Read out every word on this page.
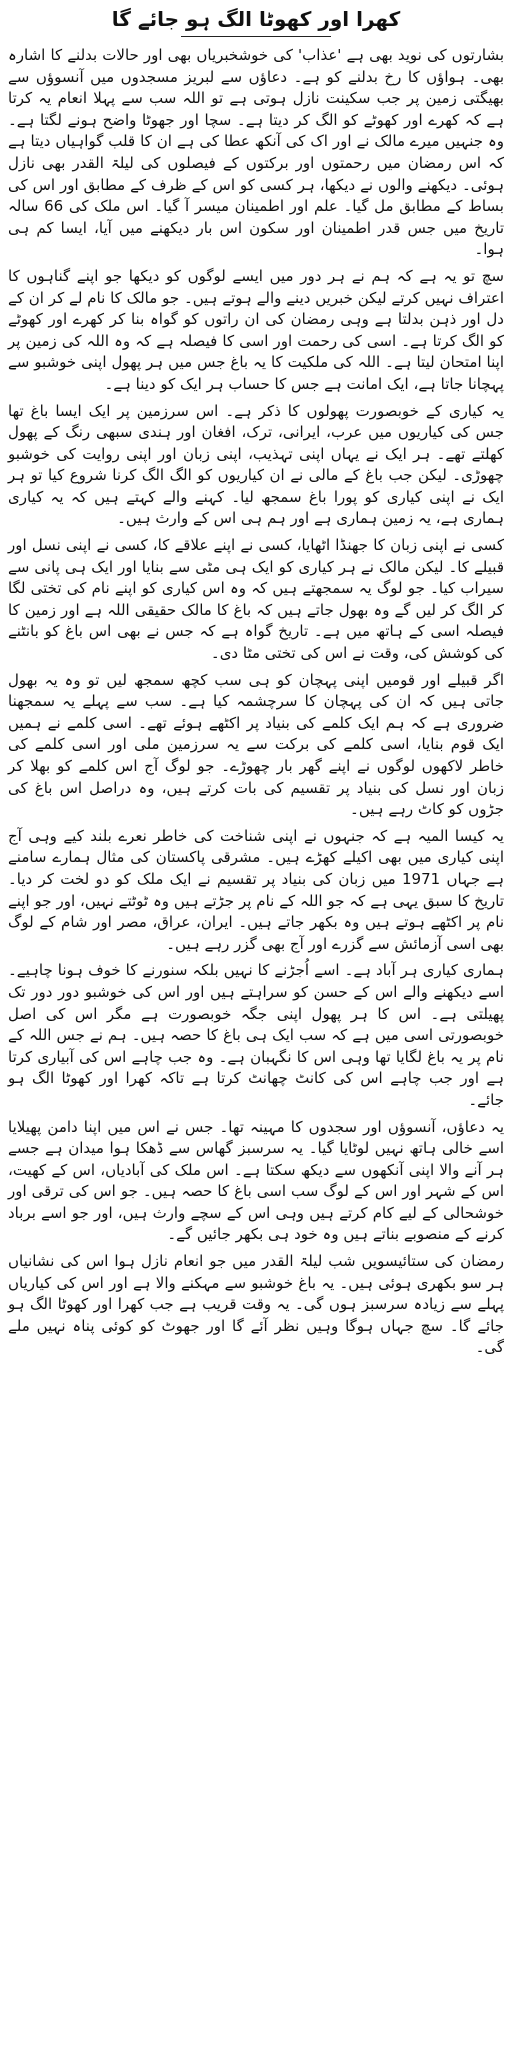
کھرا اور کھوٹا الگ ہو جائے گا

بشارتوں کی نوید بھی ہے 'عذاب' کی خوشخبریاں بھی اور حالات بدلنے کا اشارہ بھی۔ ہواؤں کا رخ بدلنے کو ہے۔ دعاؤں سے لبریز مسجدوں میں آنسوؤں سے بھیگتی زمین پر جب سکینت نازل ہوتی ہے تو اللہ سب سے پہلا انعام یہ کرتا ہے کہ کھرے اور کھوٹے کو الگ کر دیتا ہے۔ سچا اور جھوٹا واضح ہونے لگتا ہے۔ وہ جنہیں میرے مالک نے اور اک کی آنکھ عطا کی ہے ان کا قلب گواہیاں دیتا ہے کہ اس رمضان میں رحمتوں اور برکتوں کے فیصلوں کی لیلۃ القدر بھی نازل ہوئی۔ دیکھنے والوں نے دیکھا، ہر کسی کو اس کے ظرف کے مطابق اور اس کی بساط کے مطابق مل گیا۔ علم اور اطمینان میسر آ گیا۔ اس ملک کی 66 سالہ تاریخ میں جس قدر اطمینان اور سکون اس بار دیکھنے میں آیا، ایسا کم ہی ہوا۔

سچ تو یہ ہے کہ ہم نے ہر دور میں ایسے لوگوں کو دیکھا جو اپنے گناہوں کا اعتراف نہیں کرتے لیکن خبریں دینے والے ہوتے ہیں۔ جو مالک کا نام لے کر ان کے دل اور ذہن بدلتا ہے وہی رمضان کی ان راتوں کو گواہ بنا کر کھرے اور کھوٹے کو الگ کرتا ہے۔ اسی کی رحمت اور اسی کا فیصلہ ہے کہ وہ اللہ کی زمین پر اپنا امتحان لیتا ہے۔ اللہ کی ملکیت کا یہ باغ جس میں ہر پھول اپنی خوشبو سے پہچانا جاتا ہے، ایک امانت ہے جس کا حساب ہر ایک کو دینا ہے۔

یہ کیاری کے خوبصورت پھولوں کا ذکر ہے۔ اس سرزمین پر ایک ایسا باغ تھا جس کی کیاریوں میں عرب، ایرانی، ترک، افغان اور ہندی سبھی رنگ کے پھول کھلتے تھے۔ ہر ایک نے یہاں اپنی تہذیب، اپنی زبان اور اپنی روایت کی خوشبو چھوڑی۔ لیکن جب باغ کے مالی نے ان کیاریوں کو الگ الگ کرنا شروع کیا تو ہر ایک نے اپنی کیاری کو پورا باغ سمجھ لیا۔ کہنے والے کہتے ہیں کہ یہ کیاری ہماری ہے، یہ زمین ہماری ہے اور ہم ہی اس کے وارث ہیں۔

کسی نے اپنی زبان کا جھنڈا اٹھایا، کسی نے اپنے علاقے کا، کسی نے اپنی نسل اور قبیلے کا۔ لیکن مالک نے ہر کیاری کو ایک ہی مٹی سے بنایا اور ایک ہی پانی سے سیراب کیا۔ جو لوگ یہ سمجھتے ہیں کہ وہ اس کیاری کو اپنے نام کی تختی لگا کر الگ کر لیں گے وہ بھول جاتے ہیں کہ باغ کا مالک حقیقی اللہ ہے اور زمین کا فیصلہ اسی کے ہاتھ میں ہے۔ تاریخ گواہ ہے کہ جس نے بھی اس باغ کو بانٹنے کی کوشش کی، وقت نے اس کی تختی مٹا دی۔

اگر قبیلے اور قومیں اپنی پہچان کو ہی سب کچھ سمجھ لیں تو وہ یہ بھول جاتی ہیں کہ ان کی پہچان کا سرچشمہ کیا ہے۔ سب سے پہلے یہ سمجھنا ضروری ہے کہ ہم ایک کلمے کی بنیاد پر اکٹھے ہوئے تھے۔ اسی کلمے نے ہمیں ایک قوم بنایا، اسی کلمے کی برکت سے یہ سرزمین ملی اور اسی کلمے کی خاطر لاکھوں لوگوں نے اپنے گھر بار چھوڑے۔ جو لوگ آج اس کلمے کو بھلا کر زبان اور نسل کی بنیاد پر تقسیم کی بات کرتے ہیں، وہ دراصل اس باغ کی جڑوں کو کاٹ رہے ہیں۔

یہ کیسا المیہ ہے کہ جنہوں نے اپنی شناخت کی خاطر نعرے بلند کیے وہی آج اپنی کیاری میں بھی اکیلے کھڑے ہیں۔ مشرقی پاکستان کی مثال ہمارے سامنے ہے جہاں 1971 میں زبان کی بنیاد پر تقسیم نے ایک ملک کو دو لخت کر دیا۔ تاریخ کا سبق یہی ہے کہ جو اللہ کے نام پر جڑتے ہیں وہ ٹوٹتے نہیں، اور جو اپنے نام پر اکٹھے ہوتے ہیں وہ بکھر جاتے ہیں۔ ایران، عراق، مصر اور شام کے لوگ بھی اسی آزمائش سے گزرے اور آج بھی گزر رہے ہیں۔

ہماری کیاری ہر آباد ہے۔ اسے اُجڑنے کا نہیں بلکہ سنورنے کا خوف ہونا چاہیے۔ اسے دیکھنے والے اس کے حسن کو سراہتے ہیں اور اس کی خوشبو دور دور تک پھیلتی ہے۔ اس کا ہر پھول اپنی جگہ خوبصورت ہے مگر اس کی اصل خوبصورتی اسی میں ہے کہ سب ایک ہی باغ کا حصہ ہیں۔ ہم نے جس اللہ کے نام پر یہ باغ لگایا تھا وہی اس کا نگہبان ہے۔ وہ جب چاہے اس کی آبیاری کرتا ہے اور جب چاہے اس کی کانٹ چھانٹ کرتا ہے تاکہ کھرا اور کھوٹا الگ ہو جائے۔

یہ دعاؤں، آنسوؤں اور سجدوں کا مہینہ تھا۔ جس نے اس میں اپنا دامن پھیلایا اسے خالی ہاتھ نہیں لوٹایا گیا۔ یہ سرسبز گھاس سے ڈھکا ہوا میدان ہے جسے ہر آنے والا اپنی آنکھوں سے دیکھ سکتا ہے۔ اس ملک کی آبادیاں، اس کے کھیت، اس کے شہر اور اس کے لوگ سب اسی باغ کا حصہ ہیں۔ جو اس کی ترقی اور خوشحالی کے لیے کام کرتے ہیں وہی اس کے سچے وارث ہیں، اور جو اسے برباد کرنے کے منصوبے بناتے ہیں وہ خود ہی بکھر جائیں گے۔

رمضان کی ستائیسویں شب لیلۃ القدر میں جو انعام نازل ہوا اس کی نشانیاں ہر سو بکھری ہوئی ہیں۔ یہ باغ خوشبو سے مہکنے والا ہے اور اس کی کیاریاں پہلے سے زیادہ سرسبز ہوں گی۔ یہ وقت قریب ہے جب کھرا اور کھوٹا الگ ہو جائے گا۔ سچ جہاں ہوگا وہیں نظر آئے گا اور جھوٹ کو کوئی پناہ نہیں ملے گی۔
